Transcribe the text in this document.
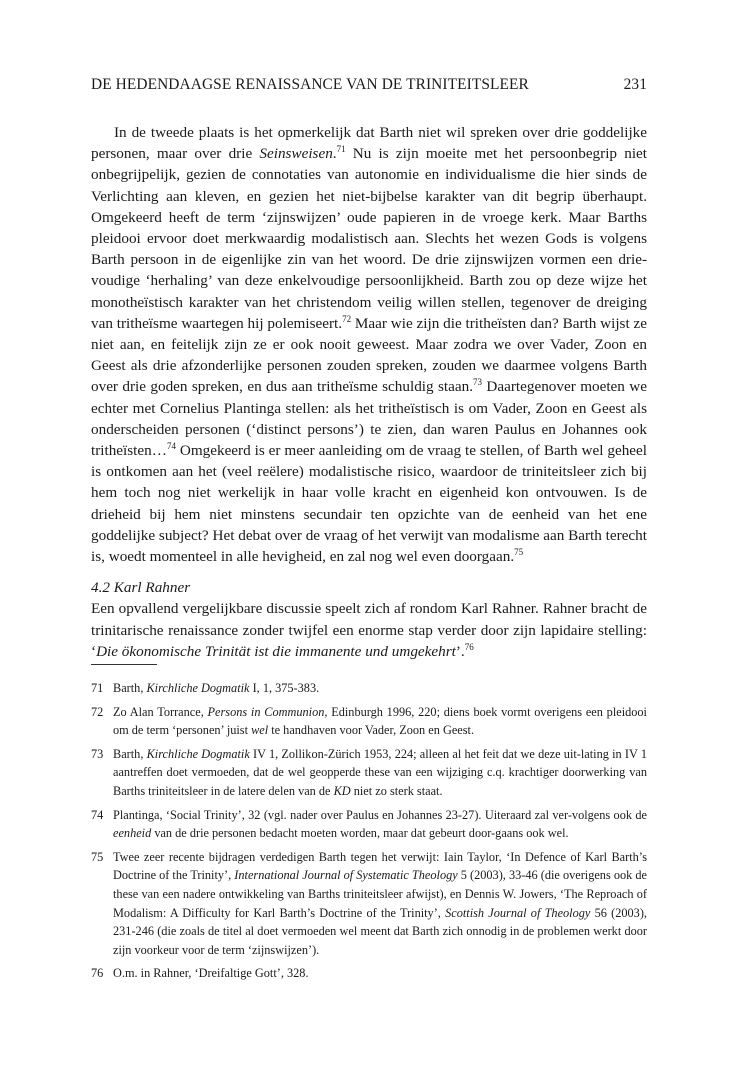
DE HEDENDAAGSE RENAISSANCE VAN DE TRINITEITSLEER	231

In de tweede plaats is het opmerkelijk dat Barth niet wil spreken over drie goddelijke personen, maar over drie Seinsweisen.$^{71}$ Nu is zijn moeite met het persoonbegrip niet onbegrijpelijk, gezien de connotaties van autonomie en individualisme die hier sinds de Verlichting aan kleven, en gezien het niet-bijbelse karakter van dit begrip überhaupt. Omgekeerd heeft de term ‘zijnswijzen’ oude papieren in de vroege kerk. Maar Barths pleidooi ervoor doet merkwaardig modalistisch aan. Slechts het wezen Gods is volgens Barth persoon in de eigenlijke zin van het woord. De drie zijnswijzen vormen een drie-voudige ‘herhaling’ van deze enkelvoudige persoonlijkheid. Barth zou op deze wijze het monotheïstisch karakter van het christendom veilig willen stellen, tegenover de dreiging van tritheïsme waartegen hij polemiseert.$^{72}$ Maar wie zijn die tritheïsten dan? Barth wijst ze niet aan, en feitelijk zijn ze er ook nooit geweest. Maar zodra we over Vader, Zoon en Geest als drie afzonderlijke personen zouden spreken, zouden we daarmee volgens Barth over drie goden spreken, en dus aan tritheïsme schuldig staan.$^{73}$ Daartegenover moeten we echter met Cornelius Plantinga stellen: als het tritheïstisch is om Vader, Zoon en Geest als onderscheiden personen (‘distinct persons’) te zien, dan waren Paulus en Johannes ook tritheïsten…$^{74}$ Omgekeerd is er meer aanleiding om de vraag te stellen, of Barth wel geheel is ontkomen aan het (veel reëlere) modalistische risico, waardoor de triniteitsleer zich bij hem toch nog niet werkelijk in haar volle kracht en eigenheid kon ontvouwen. Is de drieheid bij hem niet minstens secundair ten opzichte van de eenheid van het ene goddelijke subject? Het debat over de vraag of het verwijt van modalisme aan Barth terecht is, woedt momenteel in alle hevigheid, en zal nog wel even doorgaan.$^{75}$

4.2 Karl Rahner

Een opvallend vergelijkbare discussie speelt zich af rondom Karl Rahner. Rahner bracht de trinitarische renaissance zonder twijfel een enorme stap verder door zijn lapidaire stelling: ‘Die ökonomische Trinität ist die immanente und umgekehrt’.$^{76}$

71 Barth, Kirchliche Dogmatik I, 1, 375-383.
72 Zo Alan Torrance, Persons in Communion, Edinburgh 1996, 220; diens boek vormt overigens een pleidooi om de term ‘personen’ juist wel te handhaven voor Vader, Zoon en Geest.
73 Barth, Kirchliche Dogmatik IV 1, Zollikon-Zürich 1953, 224; alleen al het feit dat we deze uit-lating in IV 1 aantreffen doet vermoeden, dat de wel geopperde these van een wijziging c.q. krachtiger doorwerking van Barths triniteitsleer in de latere delen van de KD niet zo sterk staat.
74 Plantinga, ‘Social Trinity’, 32 (vgl. nader over Paulus en Johannes 23-27). Uiteraard zal ver-volgens ook de eenheid van de drie personen bedacht moeten worden, maar dat gebeurt door-gaans ook wel.
75 Twee zeer recente bijdragen verdedigen Barth tegen het verwijt: Iain Taylor, ‘In Defence of Karl Barth’s Doctrine of the Trinity’, International Journal of Systematic Theology 5 (2003), 33-46 (die overigens ook de these van een nadere ontwikkeling van Barths triniteitsleer afwijst), en Dennis W. Jowers, ‘The Reproach of Modalism: A Difficulty for Karl Barth’s Doctrine of the Trinity’, Scottish Journal of Theology 56 (2003), 231-246 (die zoals de titel al doet vermoeden wel meent dat Barth zich onnodig in de problemen werkt door zijn voorkeur voor de term ‘zijnswijzen’).
76 O.m. in Rahner, ‘Dreifaltige Gott’, 328.
